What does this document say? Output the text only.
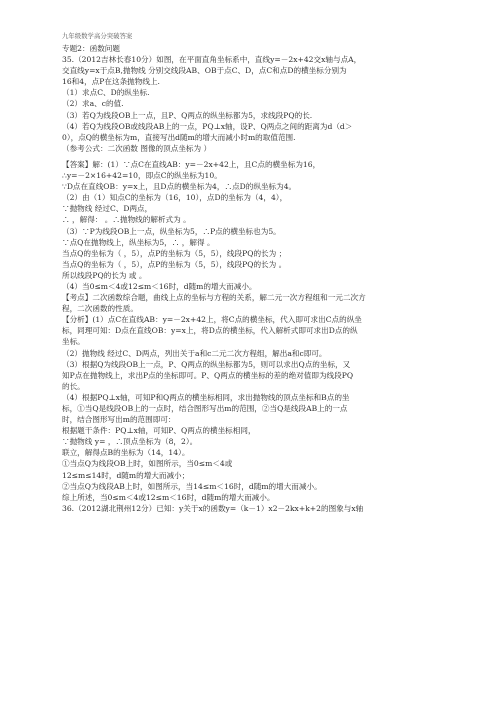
九年级数学高分突破答案
专题2：函数问题
35.（2012吉林长春10分）如图，在平面直角坐标系中，直线y=－2x+42交x轴与点A，
交直线y=x于点B,抛物线 分别交线段AB、OB于点C、D，点C和点D的横坐标分别为
16和4，点P在这条抛物线上.
（1）求点C、D的纵坐标.
（2）求a、c的值.
（3）若Q为线段OB上一点，且P、Q两点的纵坐标都为5，求线段PQ的长.
（4）若Q为线段OB或线段AB上的一点，PQ⊥x轴，设P、Q两点之间的距离为d（d＞
0），点Q的横坐标为m，直接写出d随m的增大而减小时m的取值范围.
（参考公式：二次函数 图像的顶点坐标为 ）
【答案】解：(1）∵点C在直线AB：y=－2x+42上，且C点的横坐标为16，
∴y=－2×16+42=10，即点C的纵坐标为10。
∵D点在直线OB：y=x上，且D点的横坐标为4，∴点D的纵坐标为4。
（2）由（1）知点C的坐标为（16，10），点D的坐标为（4，4），
∵抛物线 经过C、D两点，
∴ ，解得： 。∴抛物线的解析式为 。
（3）∵P为线段OB上一点，纵坐标为5，∴P点的横坐标也为5。
∵点Q在抛物线上，纵坐标为5，∴ ，解得 。
当点Q的坐标为（ ，5），点P的坐标为（5，5），线段PQ的长为 ；
当点Q的坐标为（ ，5），点P的坐标为（5，5），线段PQ的长为 。
所以线段PQ的长为 或 。
（4）当0≤m＜4或12≤m＜16时，d随m的增大而减小。
【考点】二次函数综合题，曲线上点的坐标与方程的关系，解二元一次方程组和一元二次方
程，二次函数的性质。
【分析】(1）点C在直线AB：y=－2x+42上，将C点的横坐标，代入即可求出C点的纵坐
标，同理可知：D点在直线OB：y=x上，将D点的横坐标，代入解析式即可求出D点的纵
坐标。
（2）抛物线 经过C、D两点，列出关于a和c二元二次方程组，解出a和c即可。
（3）根据Q为线段OB上一点，P、Q两点的纵坐标都为5，则可以求出Q点的坐标，又
知P点在抛物线上，求出P点的坐标即可。P、Q两点的横坐标的差的绝对值即为线段PQ
的长。
（4）根据PQ⊥x轴，可知P和Q两点的横坐标相同，求出抛物线的顶点坐标和B点的坐
标，①当Q是线段OB上的一点时，结合图形写出m的范围，②当Q是线段AB上的一点
时，结合图形写出m的范围即可：
根据题干条件：PQ⊥x轴，可知P、Q两点的横坐标相同，
∵抛物线 y= ，∴顶点坐标为（8，2）。
联立，解得点B的坐标为（14，14）。
①当点Q为线段OB上时，如图所示，当0≤m＜4或
12≤m≤14时，d随m的增大而减小；
②当点Q为线段AB上时，如图所示，当14≤m＜16时，d随m的增大而减小。
综上所述，当0≤m＜4或12≤m＜16时，d随m的增大而减小。
36.（2012湖北荆州12分）已知：y关于x的函数y=（k－1）x2－2kx+k+2的图象与x轴
